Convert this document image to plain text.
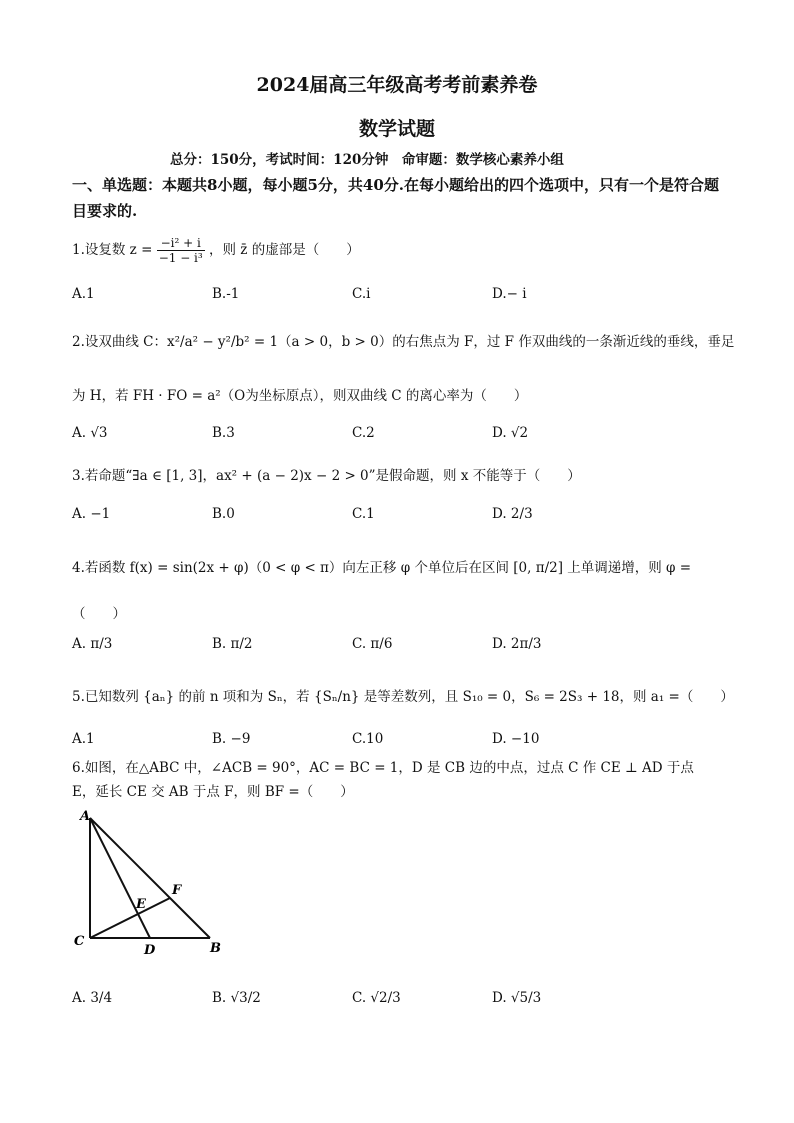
2024届高三年级高考考前素养卷
数学试题
总分：150分，考试时间：120分钟　命审题：数学核心素养小组
一、单选题：本题共8小题，每小题5分，共40分.在每小题给出的四个选项中，只有一个是符合题目要求的.
1.设复数 $z = \frac{\text{−i² + i}}{\text{−1 − i³}}$ ，则 z̄ 的虚部是（　　）
A.1	B.-1	C.i	D.− i
2.设双曲线 C：x²/a² − y²/b² = 1（a > 0，b > 0）的右焦点为 F，过 F 作双曲线的一条渐近线的垂线，垂足
为 H，若 FH · FO = a²（O为坐标原点），则双曲线 C 的离心率为（　　）
A. √3	B.3	C.2	D. √2
3.若命题“∃a ∈ [1, 3]，ax² + (a − 2)x − 2 > 0”是假命题，则 x 不能等于（　　）
A. −1	B.0	C.1	D. 2/3
4.若函数 f(x) = sin(2x + φ)（0 < φ < π）向左正移 φ 个单位后在区间 [0, π/2] 上单调递增，则 φ =
（　　）
A. π/3	B. π/2	C. π/6	D. 2π/3
5.已知数列 {aₙ} 的前 n 项和为 Sₙ，若 {Sₙ/n} 是等差数列，且 S₁₀ = 0，S₆ = 2S₃ + 18，则 a₁ =（　　）
A.1	B. −9	C.10	D. −10
6.如图，在△ABC 中，∠ACB = 90°，AC = BC = 1，D 是 CB 边的中点，过点 C 作 CE ⊥ AD 于点
E，延长 CE 交 AB 于点 F，则 BF =（　　）
A
F
E
C
D	B
A. 3/4	B. √3/2	C. √2/3	D. √5/3
